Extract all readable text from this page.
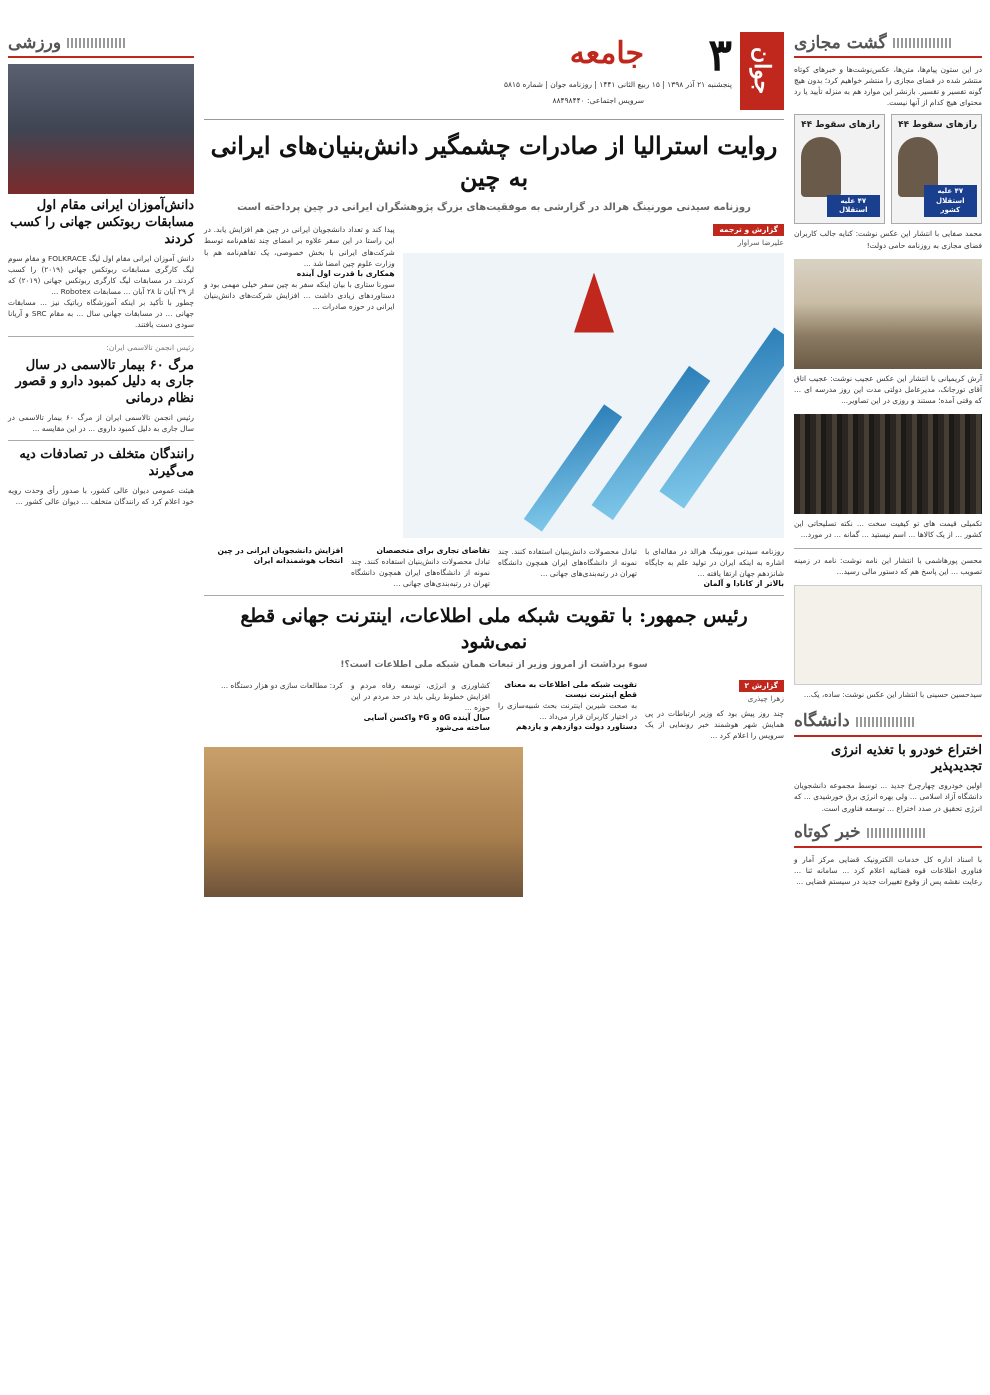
گشت مجازی

در این ستون پیام‌ها، متن‌ها، عکس‌نوشت‌ها و خبرهای کوتاه منتشر شده در فضای مجازی را منتشر خواهیم کرد؛ بدون هیچ گونه تفسیر و تقسیر. بازنشر این موارد هم به منزله تأیید یا رد محتوای هیچ کدام از آنها نیست.

رازهای سقوط ۴۴
۴۷ علیه استقلال کشور
رازهای سقوط ۴۴
۴۷ علیه استقلال

محمد صفایی با انتشار این عکس نوشت: کنایه جالب کاربران فضای مجازی به روزنامه حامی دولت!

آرش کریمیانی با انتشار این عکس عجیب نوشت: عجیب اتاق آقای تورجانک، مدیرعامل دولتی مدت این روز مدرسه ای ... که وقتی آمده؛ مستند و روزی در این تصاویر...

تکمیلی قیمت های تو کیفیت سخت ... نکته تسلیحاتی این کشور ... از یک کالاها ... اسم نیستید ... گمانه ... در مورد...

محسن پورهاشمی با انتشار این نامه نوشت: نامه در زمینه تصویب ... این پاسخ هم که دستور مالی رسید...

سیدحسین حسینی با انتشار این عکس نوشت: ساده، یک...

دانشگاه
اختراع خودرو با تغذیه انرژی تجدیدپذیر

اولین خودروی چهارچرخ جدید ... توسط مجموعه دانشجویان دانشگاه آزاد اسلامی ... ولی بهره انرژی برق خورشیدی ... که انرژی تحقیق در صدد اختراع ... توسعه فناوری است.

خبر کوتاه

با اسناد اداره کل خدمات الکترونیک قضایی مرکز آمار و فناوری اطلاعات قوه قضائیه اعلام کرد ... سامانه ثنا ... رعایت نقشه پس از وقوع تغییرات جدید در سیستم قضایی ...

جوان
۳
جامعه
پنجشنبه ۲۱ آذر ۱۳۹۸ | ۱۵ ربیع الثانی ۱۴۴۱ | روزنامه جوان | شماره ۵۸۱۵
سرویس اجتماعی: ۸۸۴۹۸۴۴۰
روایت استرالیا از صادرات چشمگیر دانش‌بنیان‌های ایرانی به چین
روزنامه سیدنی مورنینگ هرالد در گزارشی به موفقیت‌های بزرگ پژوهشگران ایرانی در چین پرداخته است
گزارش و ترجمه
علیرضا سراوار

پیدا کند و تعداد دانشجویان ایرانی در چین هم افزایش یابد. در این راستا در این سفر علاوه بر امضای چند تفاهم‌نامه توسط شرکت‌های ایرانی با بخش خصوصی، یک تفاهم‌نامه هم با وزارت علوم چین امضا شد ...

همکاری با قدرت اول آینده

سورنا ستاری با بیان اینکه سفر به چین سفر خیلی مهمی بود و دستاوردهای زیادی داشت ... افزایش شرکت‌های دانش‌بنیان ایرانی در حوزه صادرات ...

روزنامه سیدنی مورنینگ هرالد در مقاله‌ای با اشاره به اینکه ایران در تولید علم به جایگاه شانزدهم جهان ارتقا یافته ...

بالاتر از کانادا و آلمان

تبادل محصولات دانش‌بنیان استفاده کنند. چند نمونه از دانشگاه‌های ایران همچون دانشگاه تهران در رتبه‌بندی‌های جهانی ...

تقاضای تجاری برای متخصصان

تبادل محصولات دانش‌بنیان استفاده کنند. چند نمونه از دانشگاه‌های ایران همچون دانشگاه تهران در رتبه‌بندی‌های جهانی ...

افزایش دانشجویان ایرانی در چین
انتخاب هوشمندانه ایران
رئیس جمهور: با تقویت شبکه ملی اطلاعات، اینترنت جهانی قطع نمی‌شود
سوء برداشت از امروز وزیر از تبعات همان شبکه ملی اطلاعات است؟!
گزارش ۲
زهرا چیذری

چند روز پیش بود که وزیر ارتباطات در پی همایش شهر هوشمند خبر رونمایی از یک سرویس را اعلام کرد ...

تقویت شبکه ملی اطلاعات به معنای قطع اینترنت نیست

به صحت شیرین اینترنت بحث شبیه‌سازی را در اختیار کاربران قرار می‌داد ...

دستاورد دولت دوازدهم و یازدهم

کشاورزی و انرژی، توسعه رفاه مردم و افزایش خطوط ریلی باید در حد مردم در این حوزه ...

سال آینده ۵G و ۴G واکسن آسایی ساخته می‌شود

کرد: مطالعات سازی دو هزار دستگاه ...

ورزشی
دانش‌آموزان ایرانی مقام اول مسابقات ربوتکس جهانی را کسب کردند

دانش آموزان ایرانی مقام اول لیگ FOLKRACE و مقام سوم لیگ کارگری مسابقات ربوتکس جهانی (۲۰۱۹) را کسب کردند. در مسابقات لیگ کارگری ربوتکس جهانی (۲۰۱۹) که از ۲۹ آبان تا ۲۸ آبان ... مسابقات Robotex ...

چطور با تأکید بر اینکه آموزشگاه رباتیک نیز ... مسابقات جهانی ... در مسابقات جهانی سال ... به مقام SRC و آریانا سودی دست یافتند.

رئیس انجمن تالاسمی ایران:
مرگ ۶۰ بیمار تالاسمی در سال جاری به دلیل کمبود دارو و قصور نظام درمانی

رئیس انجمن تالاسمی ایران از مرگ ۶۰ بیمار تالاسمی در سال جاری به دلیل کمبود داروی ... در این مقایسه ...

رانندگان متخلف در تصادفات دیه می‌گیرند

هیئت عمومی دیوان عالی کشور، با صدور رأی وحدت رویه خود اعلام کرد که رانندگان متخلف ... دیوان عالی کشور ...
